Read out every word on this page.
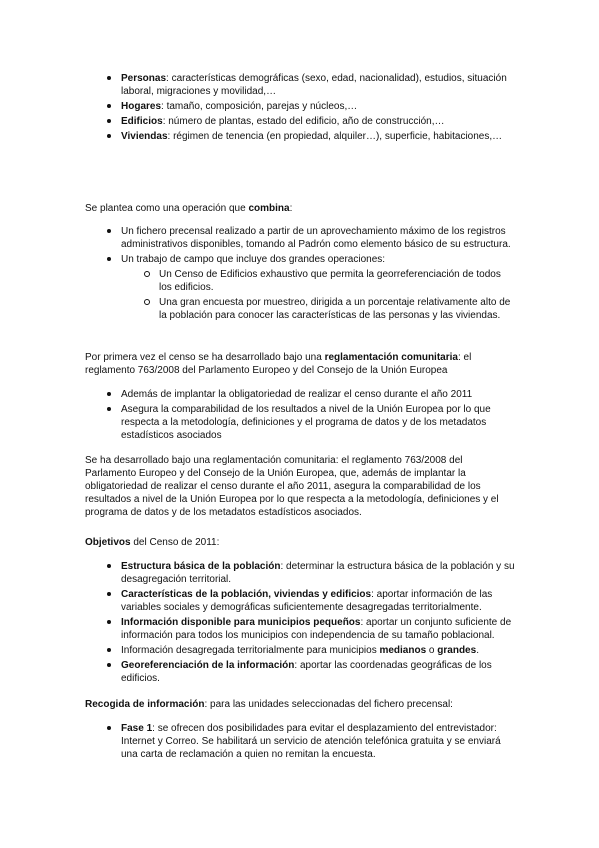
Personas: características demográficas (sexo, edad, nacionalidad), estudios, situación laboral, migraciones y movilidad,…
Hogares: tamaño, composición, parejas y núcleos,…
Edificios: número de plantas, estado del edificio, año de construcción,…
Viviendas: régimen de tenencia (en propiedad, alquiler…), superficie, habitaciones,…

Se plantea como una operación que combina:

Un fichero precensal realizado a partir de un aprovechamiento máximo de los registros administrativos disponibles, tomando al Padrón como elemento básico de su estructura.
Un trabajo de campo que incluye dos grandes operaciones:
Un Censo de Edificios exhaustivo que permita la georreferenciación de todos los edificios.
Una gran encuesta por muestreo, dirigida a un porcentaje relativamente alto de la población para conocer las características de las personas y las viviendas.

Por primera vez el censo se ha desarrollado bajo una reglamentación comunitaria: el reglamento 763/2008 del Parlamento Europeo y del Consejo de la Unión Europea

Además de implantar la obligatoriedad de realizar el censo durante el año 2011
Asegura la comparabilidad de los resultados a nivel de la Unión Europea por lo que respecta a la metodología, definiciones y el programa de datos y de los metadatos estadísticos asociados

Se ha desarrollado bajo una reglamentación comunitaria: el reglamento 763/2008 del Parlamento Europeo y del Consejo de la Unión Europea, que, además de implantar la obligatoriedad de realizar el censo durante el año 2011, asegura la comparabilidad de los resultados a nivel de la Unión Europea por lo que respecta a la metodología, definiciones y el programa de datos y de los metadatos estadísticos asociados.

Objetivos del Censo de 2011:

Estructura básica de la población: determinar la estructura básica de la población y su desagregación territorial.
Características de la población, viviendas y edificios: aportar información de las variables sociales y demográficas suficientemente desagregadas territorialmente.
Información disponible para municipios pequeños: aportar un conjunto suficiente de información para todos los municipios con independencia de su tamaño poblacional.
Información desagregada territorialmente para municipios medianos o grandes.
Georeferenciación de la información: aportar las coordenadas geográficas de los edificios.

Recogida de información: para las unidades seleccionadas del fichero precensal:

Fase 1: se ofrecen dos posibilidades para evitar el desplazamiento del entrevistador: Internet y Correo. Se habilitará un servicio de atención telefónica gratuita y se enviará una carta de reclamación a quien no remitan la encuesta.
